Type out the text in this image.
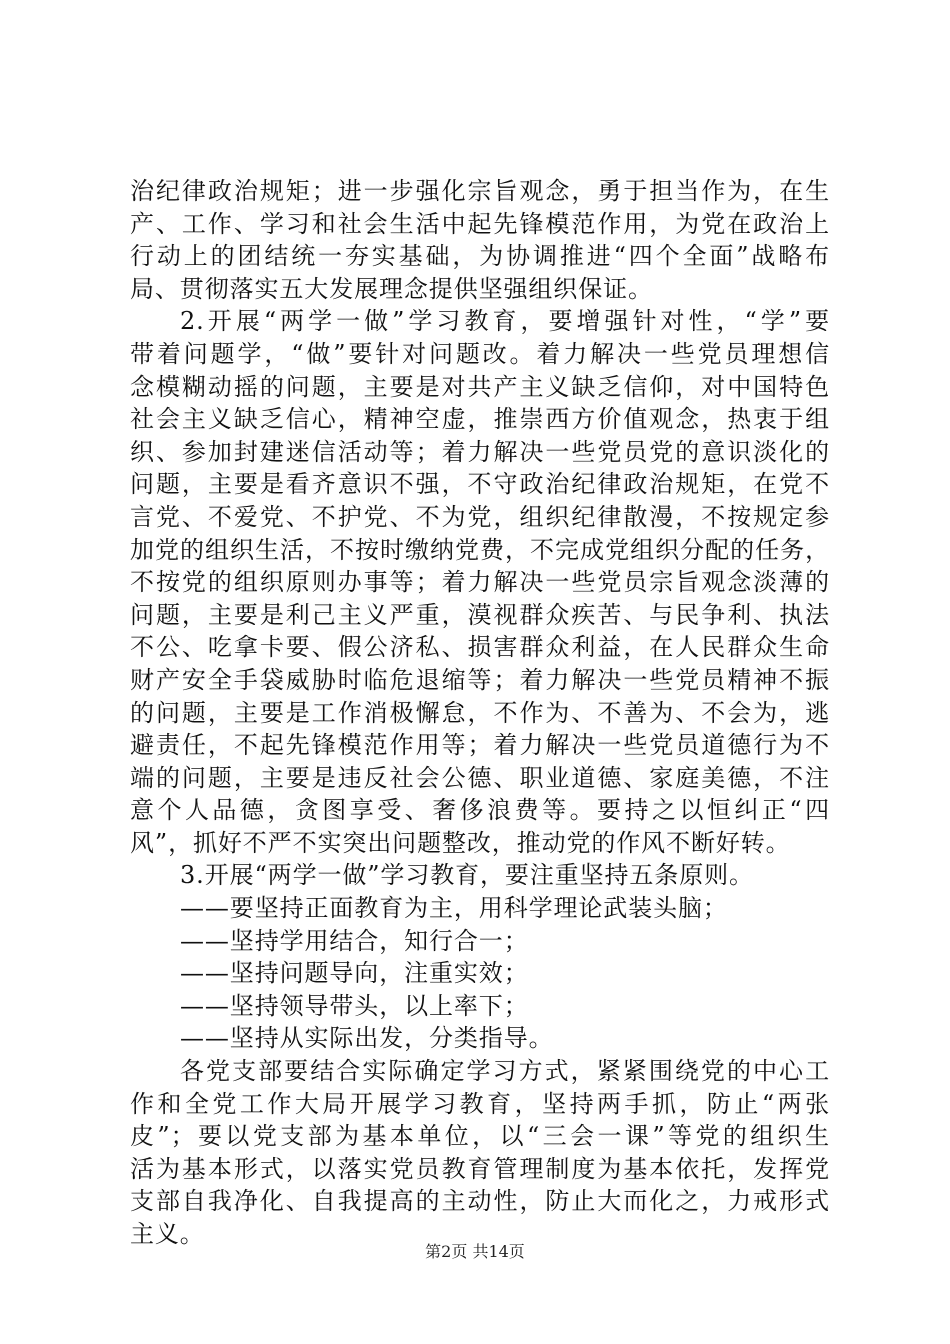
治纪律政治规矩；进一步强化宗旨观念，勇于担当作为，在生
产、工作、学习和社会生活中起先锋模范作用，为党在政治上
行动上的团结统一夯实基础，为协调推进“四个全面”战略布
局、贯彻落实五大发展理念提供坚强组织保证。
2.开展“两学一做”学习教育，要增强针对性，“学”要
带着问题学，“做”要针对问题改。着力解决一些党员理想信
念模糊动摇的问题，主要是对共产主义缺乏信仰，对中国特色
社会主义缺乏信心，精神空虚，推崇西方价值观念，热衷于组
织、参加封建迷信活动等；着力解决一些党员党的意识淡化的
问题，主要是看齐意识不强，不守政治纪律政治规矩，在党不
言党、不爱党、不护党、不为党，组织纪律散漫，不按规定参
加党的组织生活，不按时缴纳党费，不完成党组织分配的任务，
不按党的组织原则办事等；着力解决一些党员宗旨观念淡薄的
问题，主要是利己主义严重，漠视群众疾苦、与民争利、执法
不公、吃拿卡要、假公济私、损害群众利益，在人民群众生命
财产安全手袋威胁时临危退缩等；着力解决一些党员精神不振
的问题，主要是工作消极懈怠，不作为、不善为、不会为，逃
避责任，不起先锋模范作用等；着力解决一些党员道德行为不
端的问题，主要是违反社会公德、职业道德、家庭美德，不注
意个人品德，贪图享受、奢侈浪费等。要持之以恒纠正“四
风”，抓好不严不实突出问题整改，推动党的作风不断好转。
3.开展“两学一做”学习教育，要注重坚持五条原则。
——要坚持正面教育为主，用科学理论武装头脑；
——坚持学用结合，知行合一；
——坚持问题导向，注重实效；
——坚持领导带头，以上率下；
——坚持从实际出发，分类指导。
各党支部要结合实际确定学习方式，紧紧围绕党的中心工
作和全党工作大局开展学习教育，坚持两手抓，防止“两张
皮”；要以党支部为基本单位，以“三会一课”等党的组织生
活为基本形式，以落实党员教育管理制度为基本依托，发挥党
支部自我净化、自我提高的主动性，防止大而化之，力戒形式
主义。
第2页 共14页
